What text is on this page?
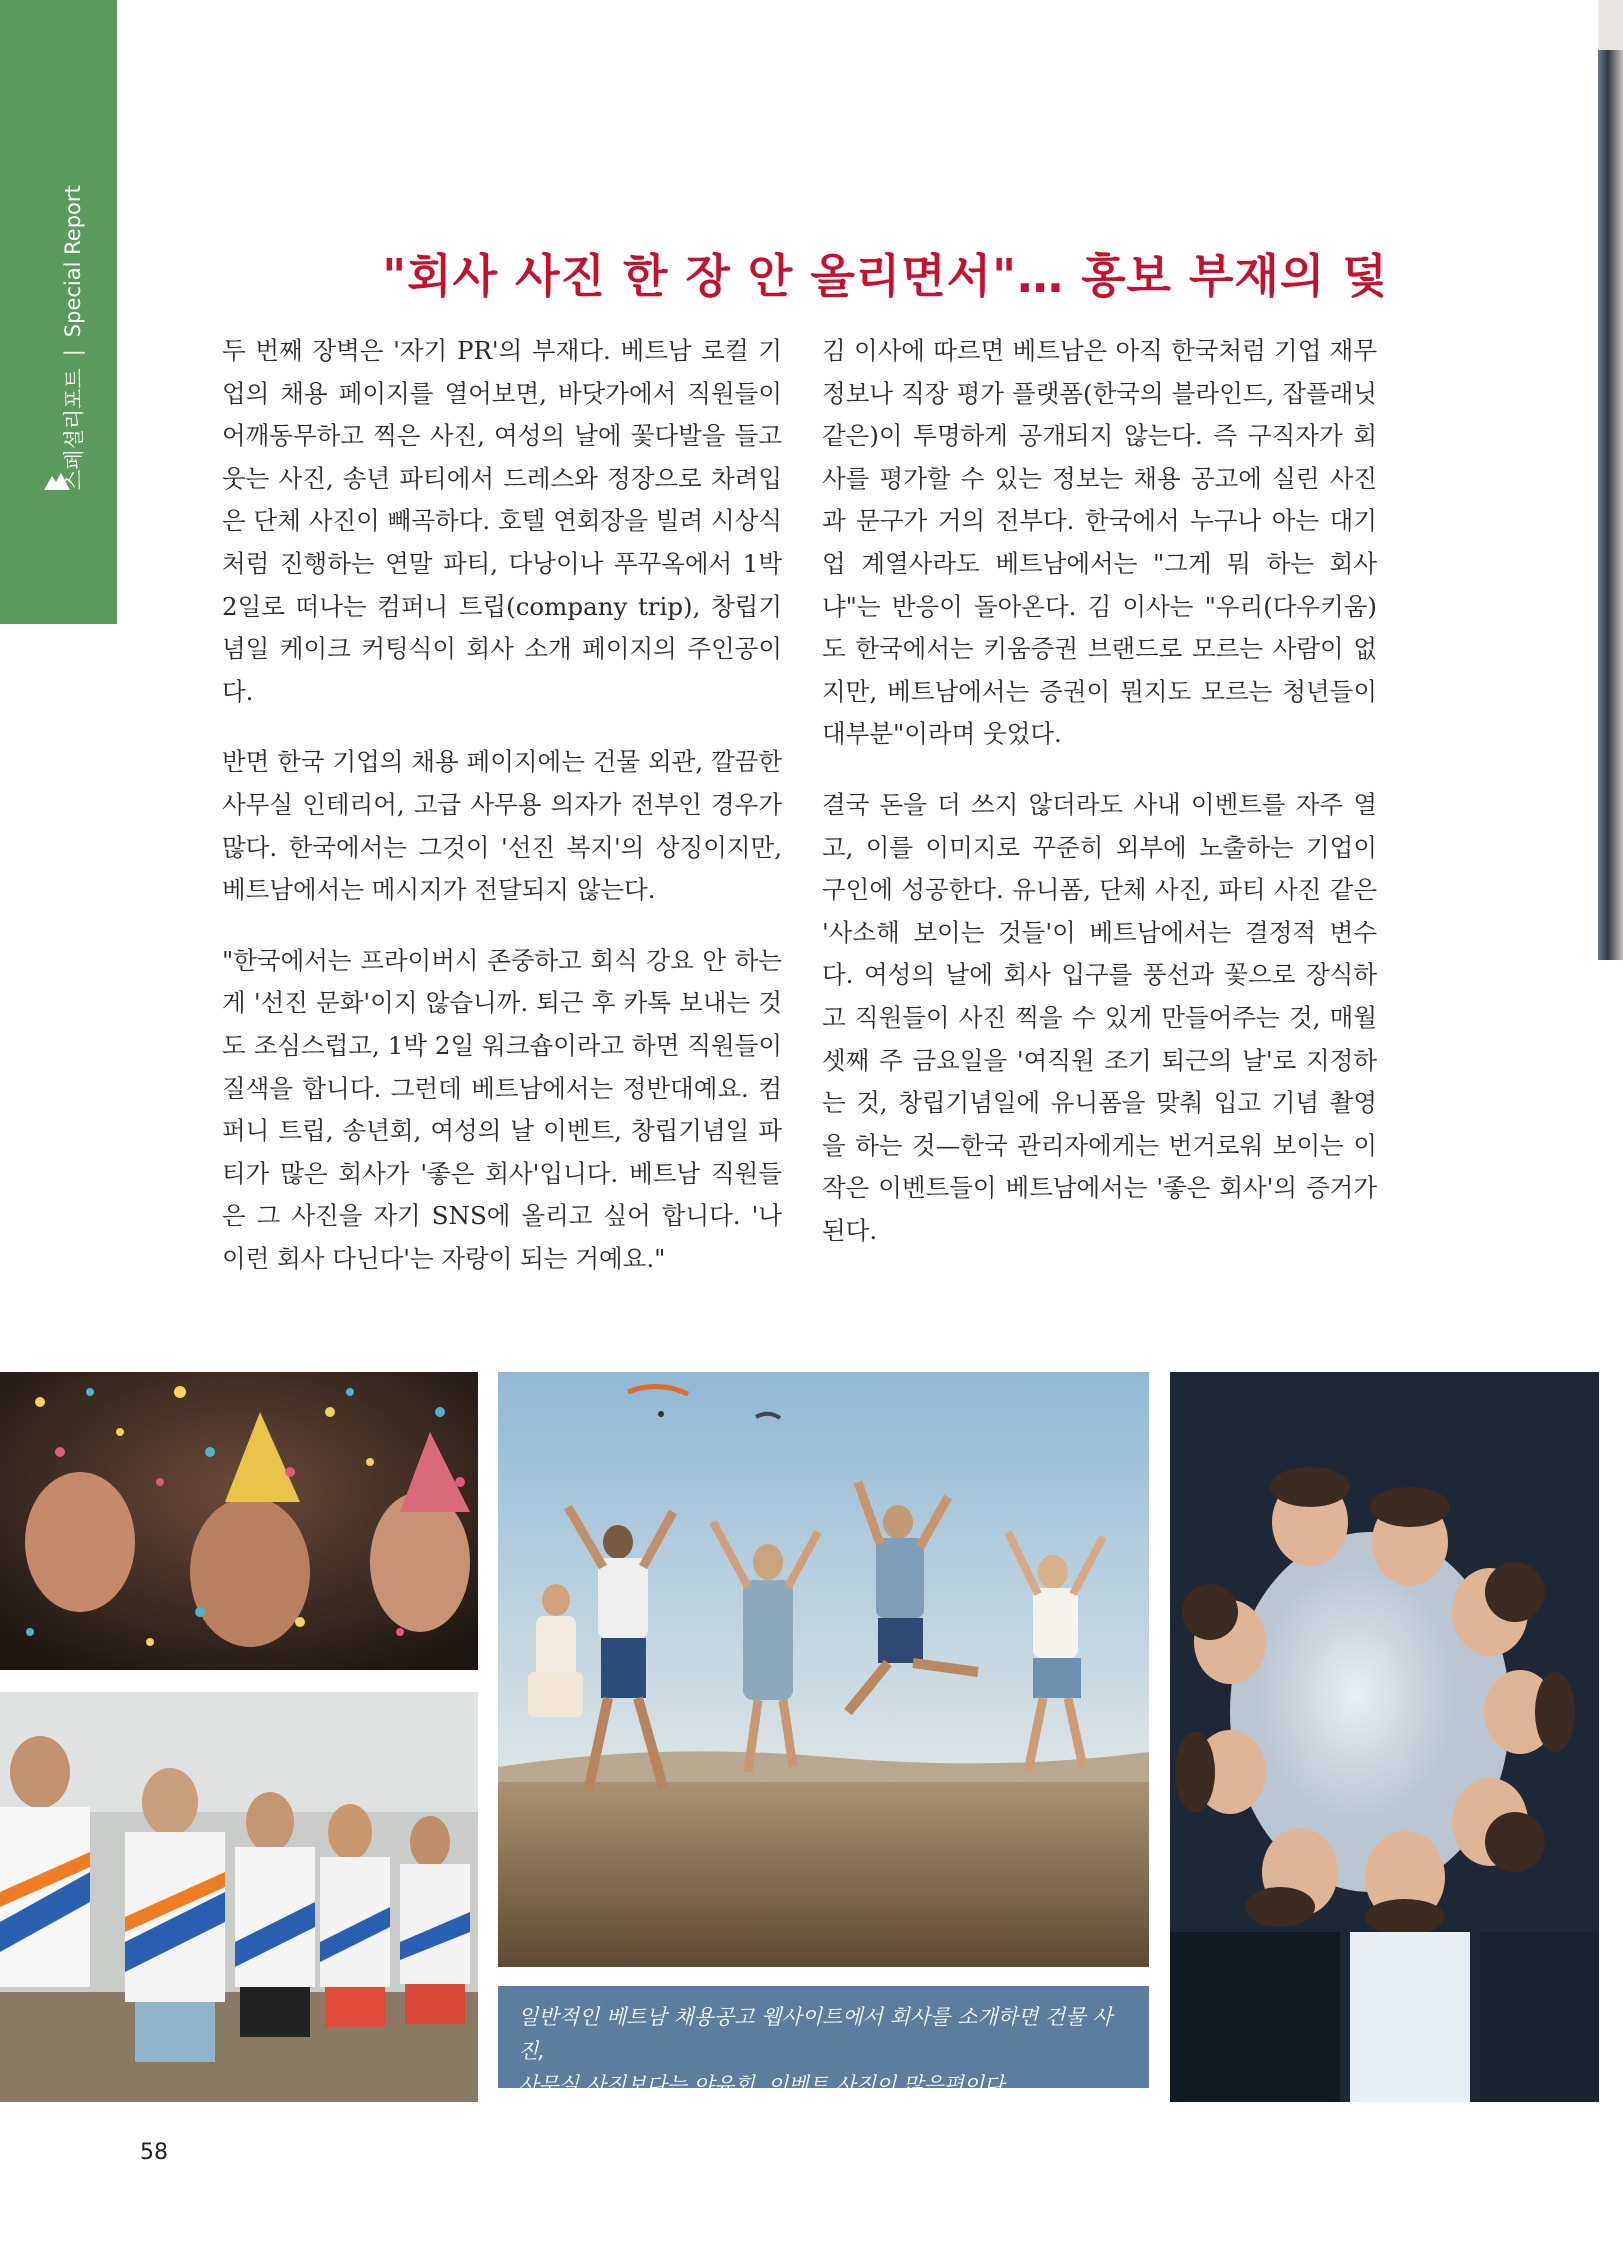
스페셜리포트
|
Special Report	"회사 사진 한 장 안 올리면서"… 홍보 부재의 덫

두 번째 장벽은 '자기 PR'의 부재다. 베트남 로컬 기업의 채용 페이지를 열어보면, 바닷가에서 직원들이 어깨동무하고 찍은 사진, 여성의 날에 꽃다발을 들고 웃는 사진, 송년 파티에서 드레스와 정장으로 차려입은 단체 사진이 빼곡하다. 호텔 연회장을 빌려 시상식처럼 진행하는 연말 파티, 다낭이나 푸꾸옥에서 1박 2일로 떠나는 컴퍼니 트립(company trip), 창립기념일 케이크 커팅식이 회사 소개 페이지의 주인공이다.

반면 한국 기업의 채용 페이지에는 건물 외관, 깔끔한 사무실 인테리어, 고급 사무용 의자가 전부인 경우가 많다. 한국에서는 그것이 '선진 복지'의 상징이지만, 베트남에서는 메시지가 전달되지 않는다.

"한국에서는 프라이버시 존중하고 회식 강요 안 하는 게 '선진 문화'이지 않습니까. 퇴근 후 카톡 보내는 것도 조심스럽고, 1박 2일 워크숍이라고 하면 직원들이 질색을 합니다. 그런데 베트남에서는 정반대예요. 컴퍼니 트립, 송년회, 여성의 날 이벤트, 창립기념일 파티가 많은 회사가 '좋은 회사'입니다. 베트남 직원들은 그 사진을 자기 SNS에 올리고 싶어 합니다. '나 이런 회사 다닌다'는 자랑이 되는 거예요."

김 이사에 따르면 베트남은 아직 한국처럼 기업 재무정보나 직장 평가 플랫폼(한국의 블라인드, 잡플래닛 같은)이 투명하게 공개되지 않는다. 즉 구직자가 회사를 평가할 수 있는 정보는 채용 공고에 실린 사진과 문구가 거의 전부다. 한국에서 누구나 아는 대기업 계열사라도 베트남에서는 "그게 뭐 하는 회사냐"는 반응이 돌아온다. 김 이사는 "우리(다우키움)도 한국에서는 키움증권 브랜드로 모르는 사람이 없지만, 베트남에서는 증권이 뭔지도 모르는 청년들이 대부분"이라며 웃었다.

결국 돈을 더 쓰지 않더라도 사내 이벤트를 자주 열고, 이를 이미지로 꾸준히 외부에 노출하는 기업이 구인에 성공한다. 유니폼, 단체 사진, 파티 사진 같은 '사소해 보이는 것들'이 베트남에서는 결정적 변수다. 여성의 날에 회사 입구를 풍선과 꽃으로 장식하고 직원들이 사진 찍을 수 있게 만들어주는 것, 매월 셋째 주 금요일을 '여직원 조기 퇴근의 날'로 지정하는 것, 창립기념일에 유니폼을 맞춰 입고 기념 촬영을 하는 것—한국 관리자에게는 번거로워 보이는 이 작은 이벤트들이 베트남에서는 '좋은 회사'의 증거가 된다.

일반적인 베트남 채용공고 웹사이트에서 회사를 소개하면 건물 사진,
사무실 사진보다는 야유회, 이벤트 사진이 많은편이다
58
